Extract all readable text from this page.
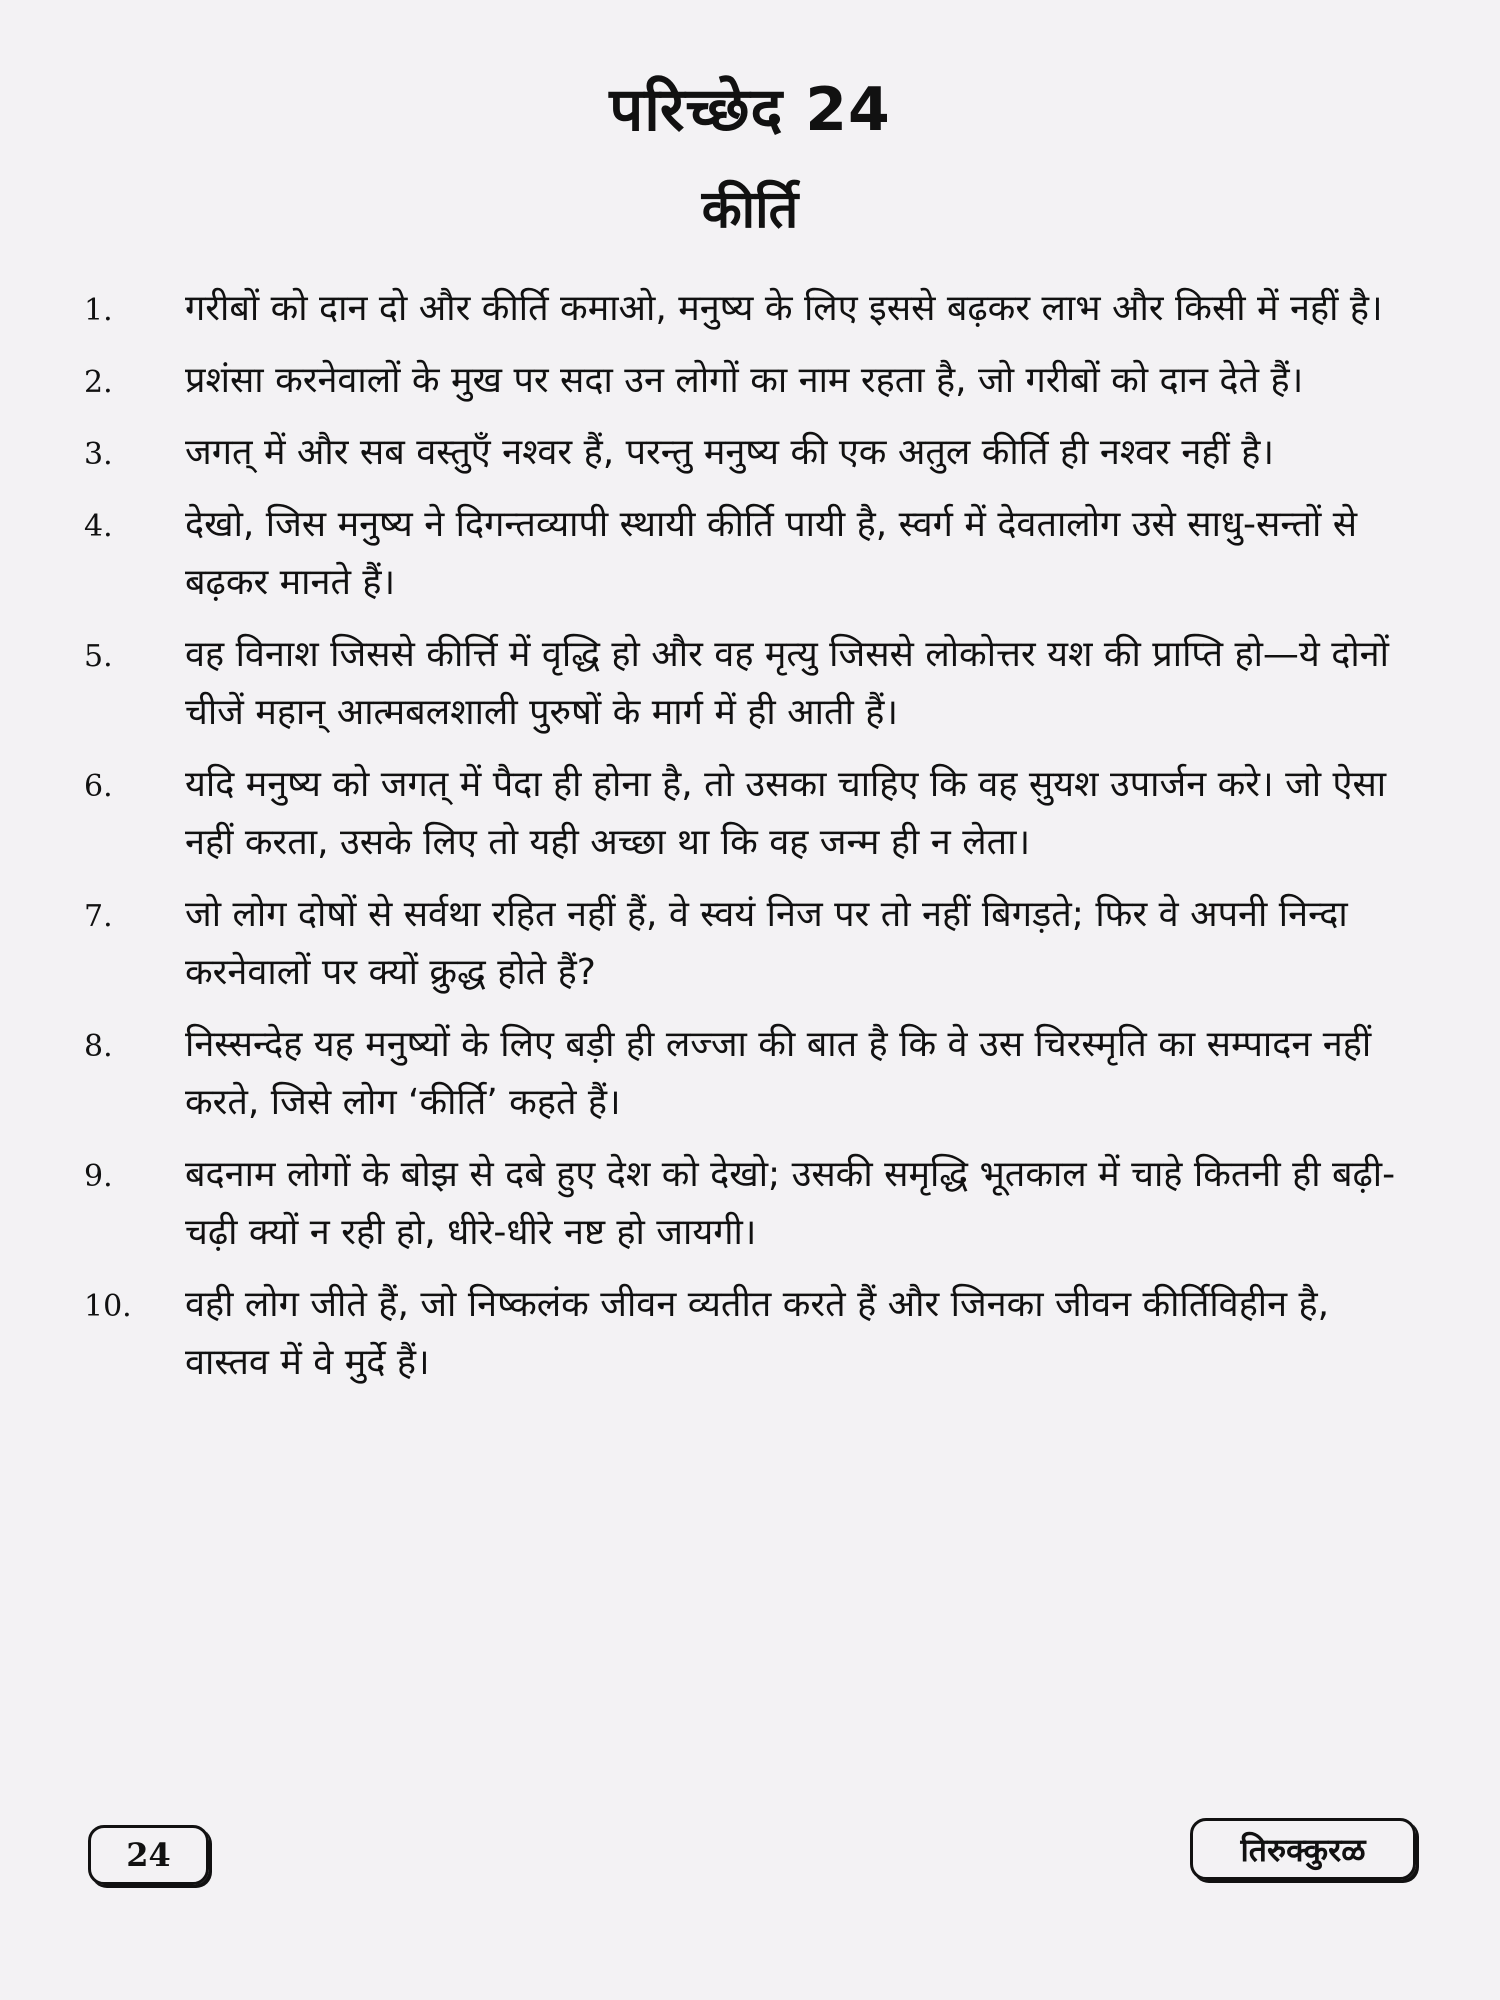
परिच्छेद 24
कीर्ति
1. गरीबों को दान दो और कीर्ति कमाओ, मनुष्य के लिए इससे बढ़कर लाभ और किसी में नहीं है।
2. प्रशंसा करनेवालों के मुख पर सदा उन लोगों का नाम रहता है, जो गरीबों को दान देते हैं।
3. जगत् में और सब वस्तुएँ नश्वर हैं, परन्तु मनुष्य की एक अतुल कीर्ति ही नश्वर नहीं है।
4. देखो, जिस मनुष्य ने दिगन्तव्यापी स्थायी कीर्ति पायी है, स्वर्ग में देवतालोग उसे साधु-सन्तों से बढ़कर मानते हैं।
5. वह विनाश जिससे कीर्त्ति में वृद्धि हो और वह मृत्यु जिससे लोकोत्तर यश की प्राप्ति हो—ये दोनों चीजें महान् आत्मबलशाली पुरुषों के मार्ग में ही आती हैं।
6. यदि मनुष्य को जगत् में पैदा ही होना है, तो उसका चाहिए कि वह सुयश उपार्जन करे। जो ऐसा नहीं करता, उसके लिए तो यही अच्छा था कि वह जन्म ही न लेता।
7. जो लोग दोषों से सर्वथा रहित नहीं हैं, वे स्वयं निज पर तो नहीं बिगड़ते; फिर वे अपनी निन्दा करनेवालों पर क्यों क्रुद्ध होते हैं?
8. निस्सन्देह यह मनुष्यों के लिए बड़ी ही लज्जा की बात है कि वे उस चिरस्मृति का सम्पादन नहीं करते, जिसे लोग ‘कीर्ति’ कहते हैं।
9. बदनाम लोगों के बोझ से दबे हुए देश को देखो; उसकी समृद्धि भूतकाल में चाहे कितनी ही बढ़ी-चढ़ी क्यों न रही हो, धीरे-धीरे नष्ट हो जायगी।
10. वही लोग जीते हैं, जो निष्कलंक जीवन व्यतीत करते हैं और जिनका जीवन कीर्तिविहीन है, वास्तव में वे मुर्दे हैं।
24	तिरुक्कुरळ
